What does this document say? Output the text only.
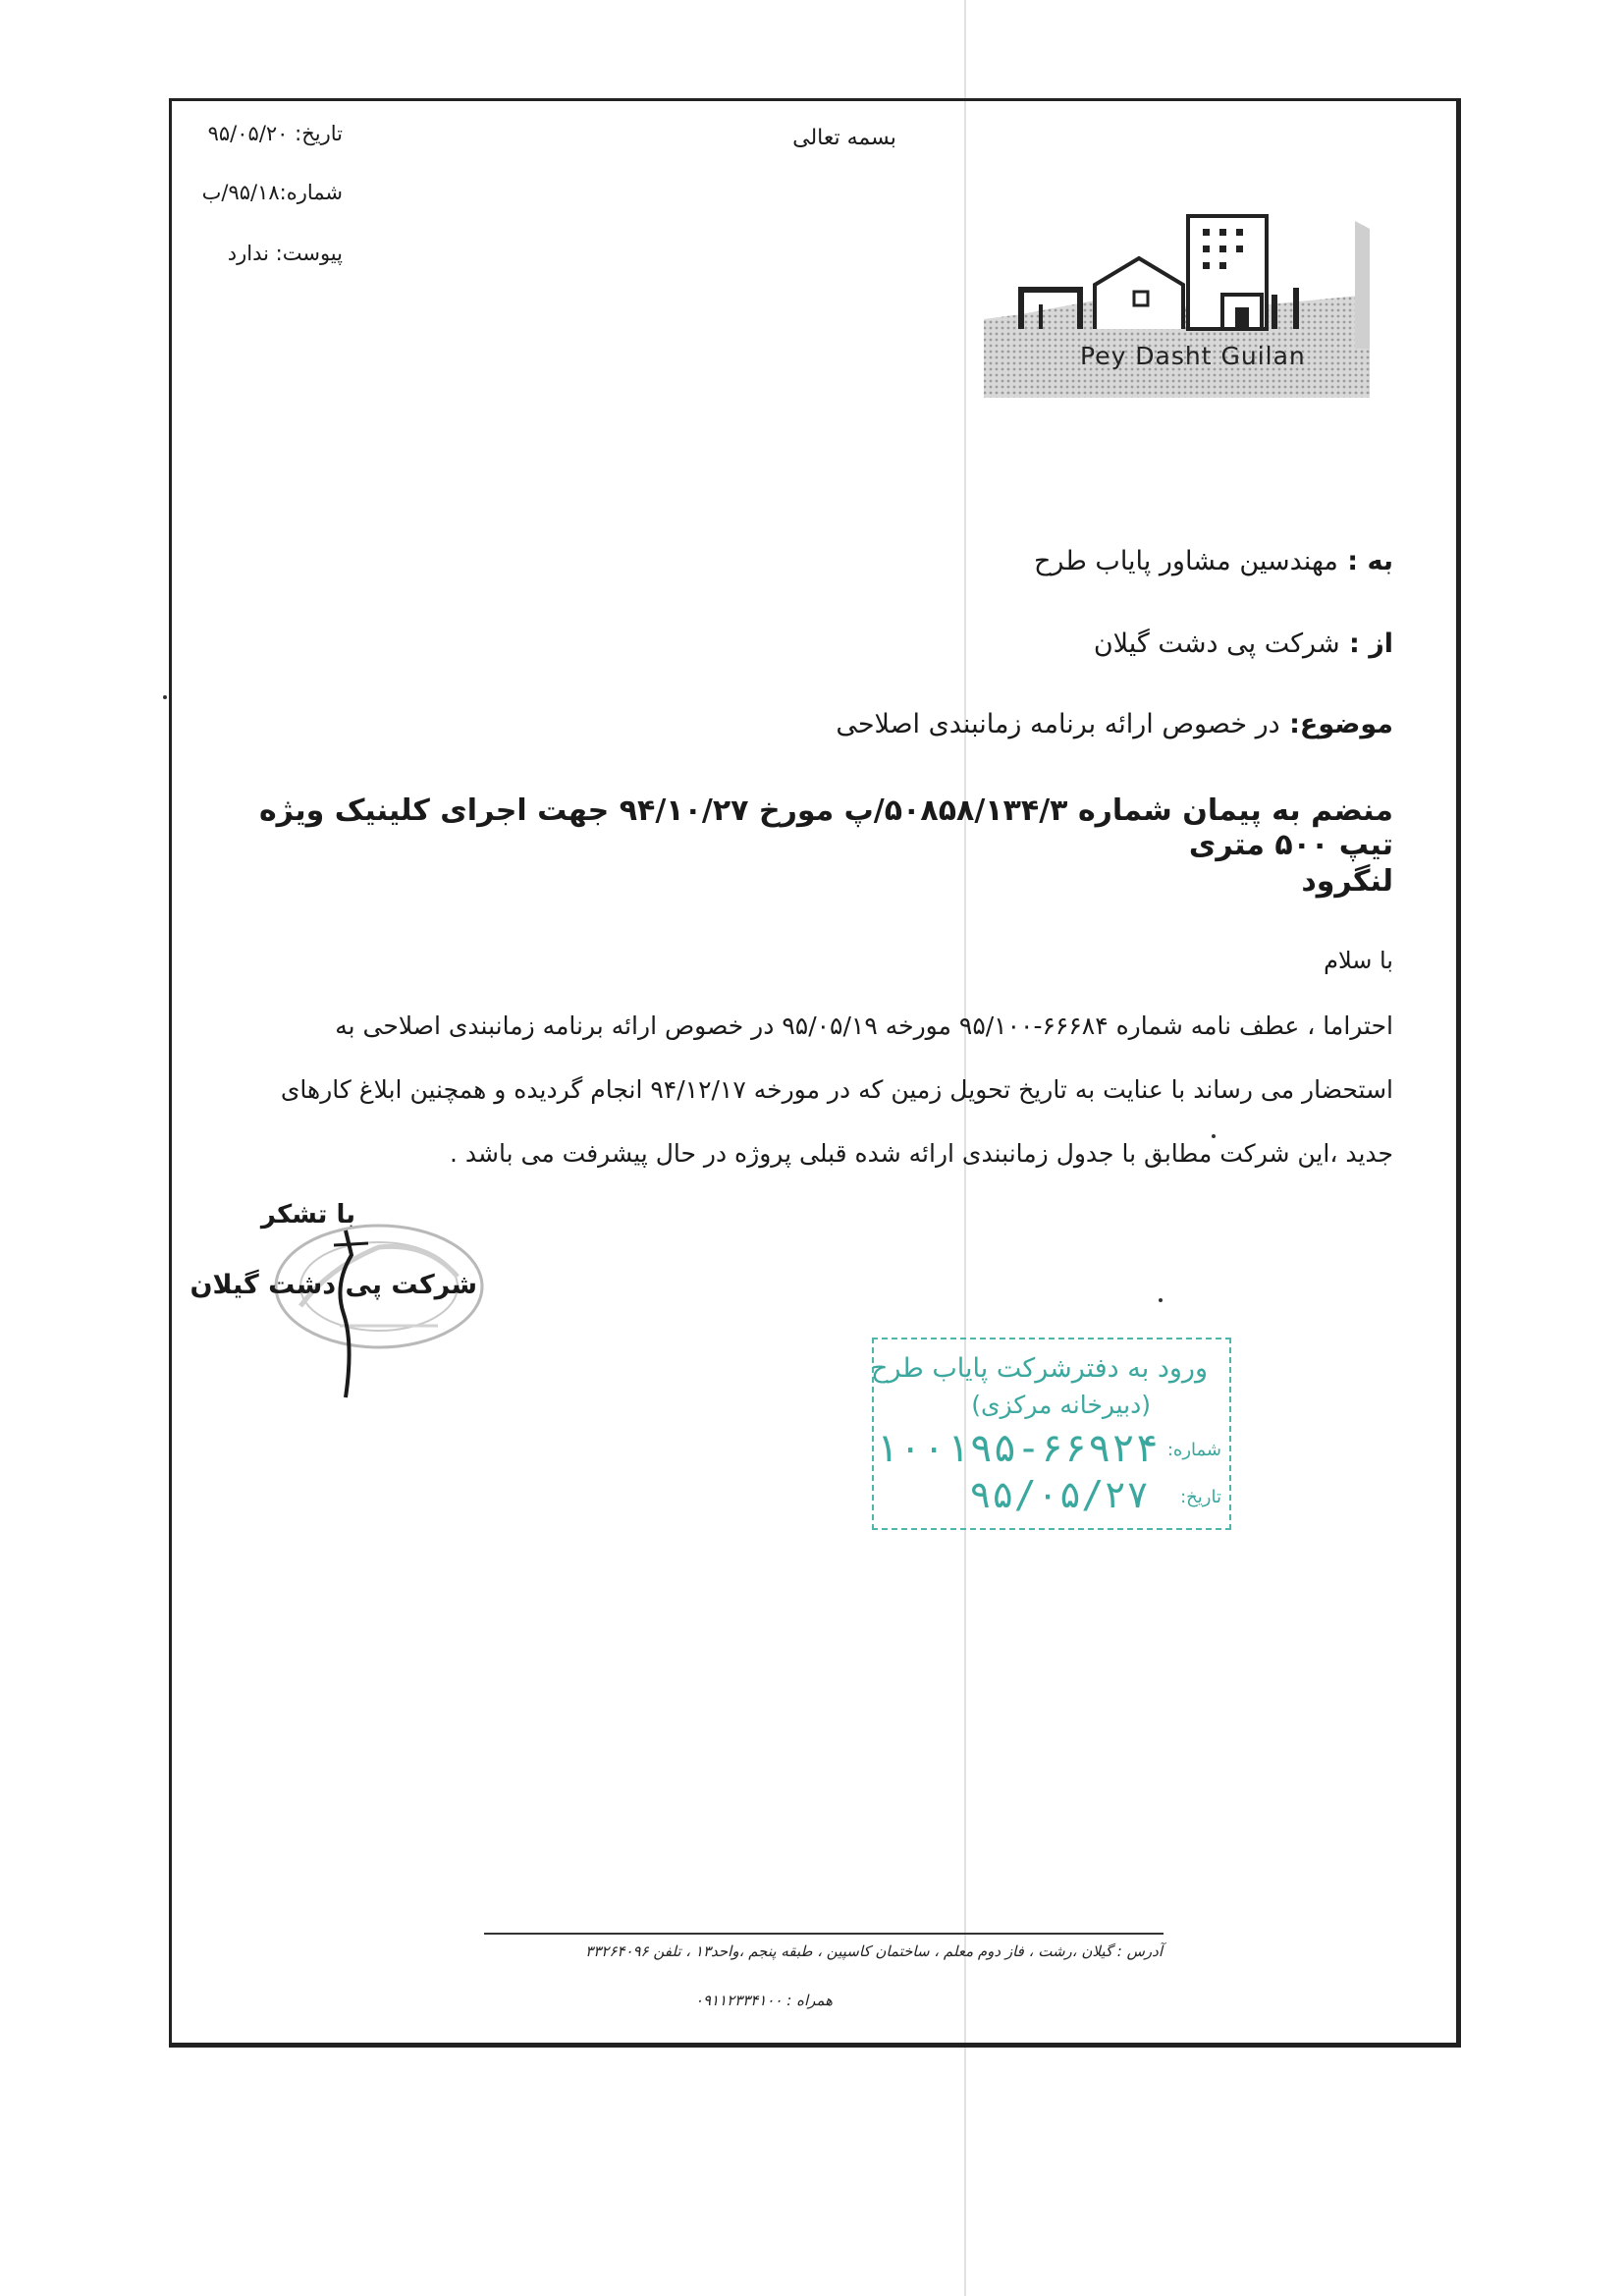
بسمه تعالی
تاریخ: ۹۵/۰۵/۲۰
شماره:۹۵/۱۸/ب
پیوست: ندارد
Pey Dasht Guilan
به : مهندسین مشاور پایاب طرح
از : شرکت پی دشت گیلان
موضوع: در خصوص ارائه برنامه زمانبندی اصلاحی
منضم به پیمان شماره ۵۰۸۵۸/۱۳۴/۳/پ مورخ ۹۴/۱۰/۲۷ جهت اجرای کلینیک ویژه تیپ ۵۰۰ متری
لنگرود
با سلام
احتراما ، عطف نامه شماره ۶۶۶۸۴-۹۵/۱۰۰ مورخه ۹۵/۰۵/۱۹ در خصوص ارائه برنامه زمانبندی اصلاحی به
استحضار می رساند با عنایت به تاریخ تحویل زمین که در مورخه ۹۴/۱۲/۱۷ انجام گردیده و همچنین ابلاغ کارهای
جدید ،این شرکت مطابق با جدول زمانبندی ارائه شده قبلی پروژه در حال پیشرفت می باشد .
با تشکر
شرکت پی دشت گیلان
ورود به دفترشرکت پایاب طرح
(دبیرخانه مرکزی)
شماره:
۱۰۰۱۹۵-۶۶۹۲۴
تاریخ:
۹۵/۰۵/۲۷
آدرس : گیلان ،رشت ، فاز دوم معلم ، ساختمان کاسپین ، طبقه پنجم ،واحد۱۳ ، تلفن ۳۳۲۶۴۰۹۶
همراه : ۰۹۱۱۲۳۳۴۱۰۰
